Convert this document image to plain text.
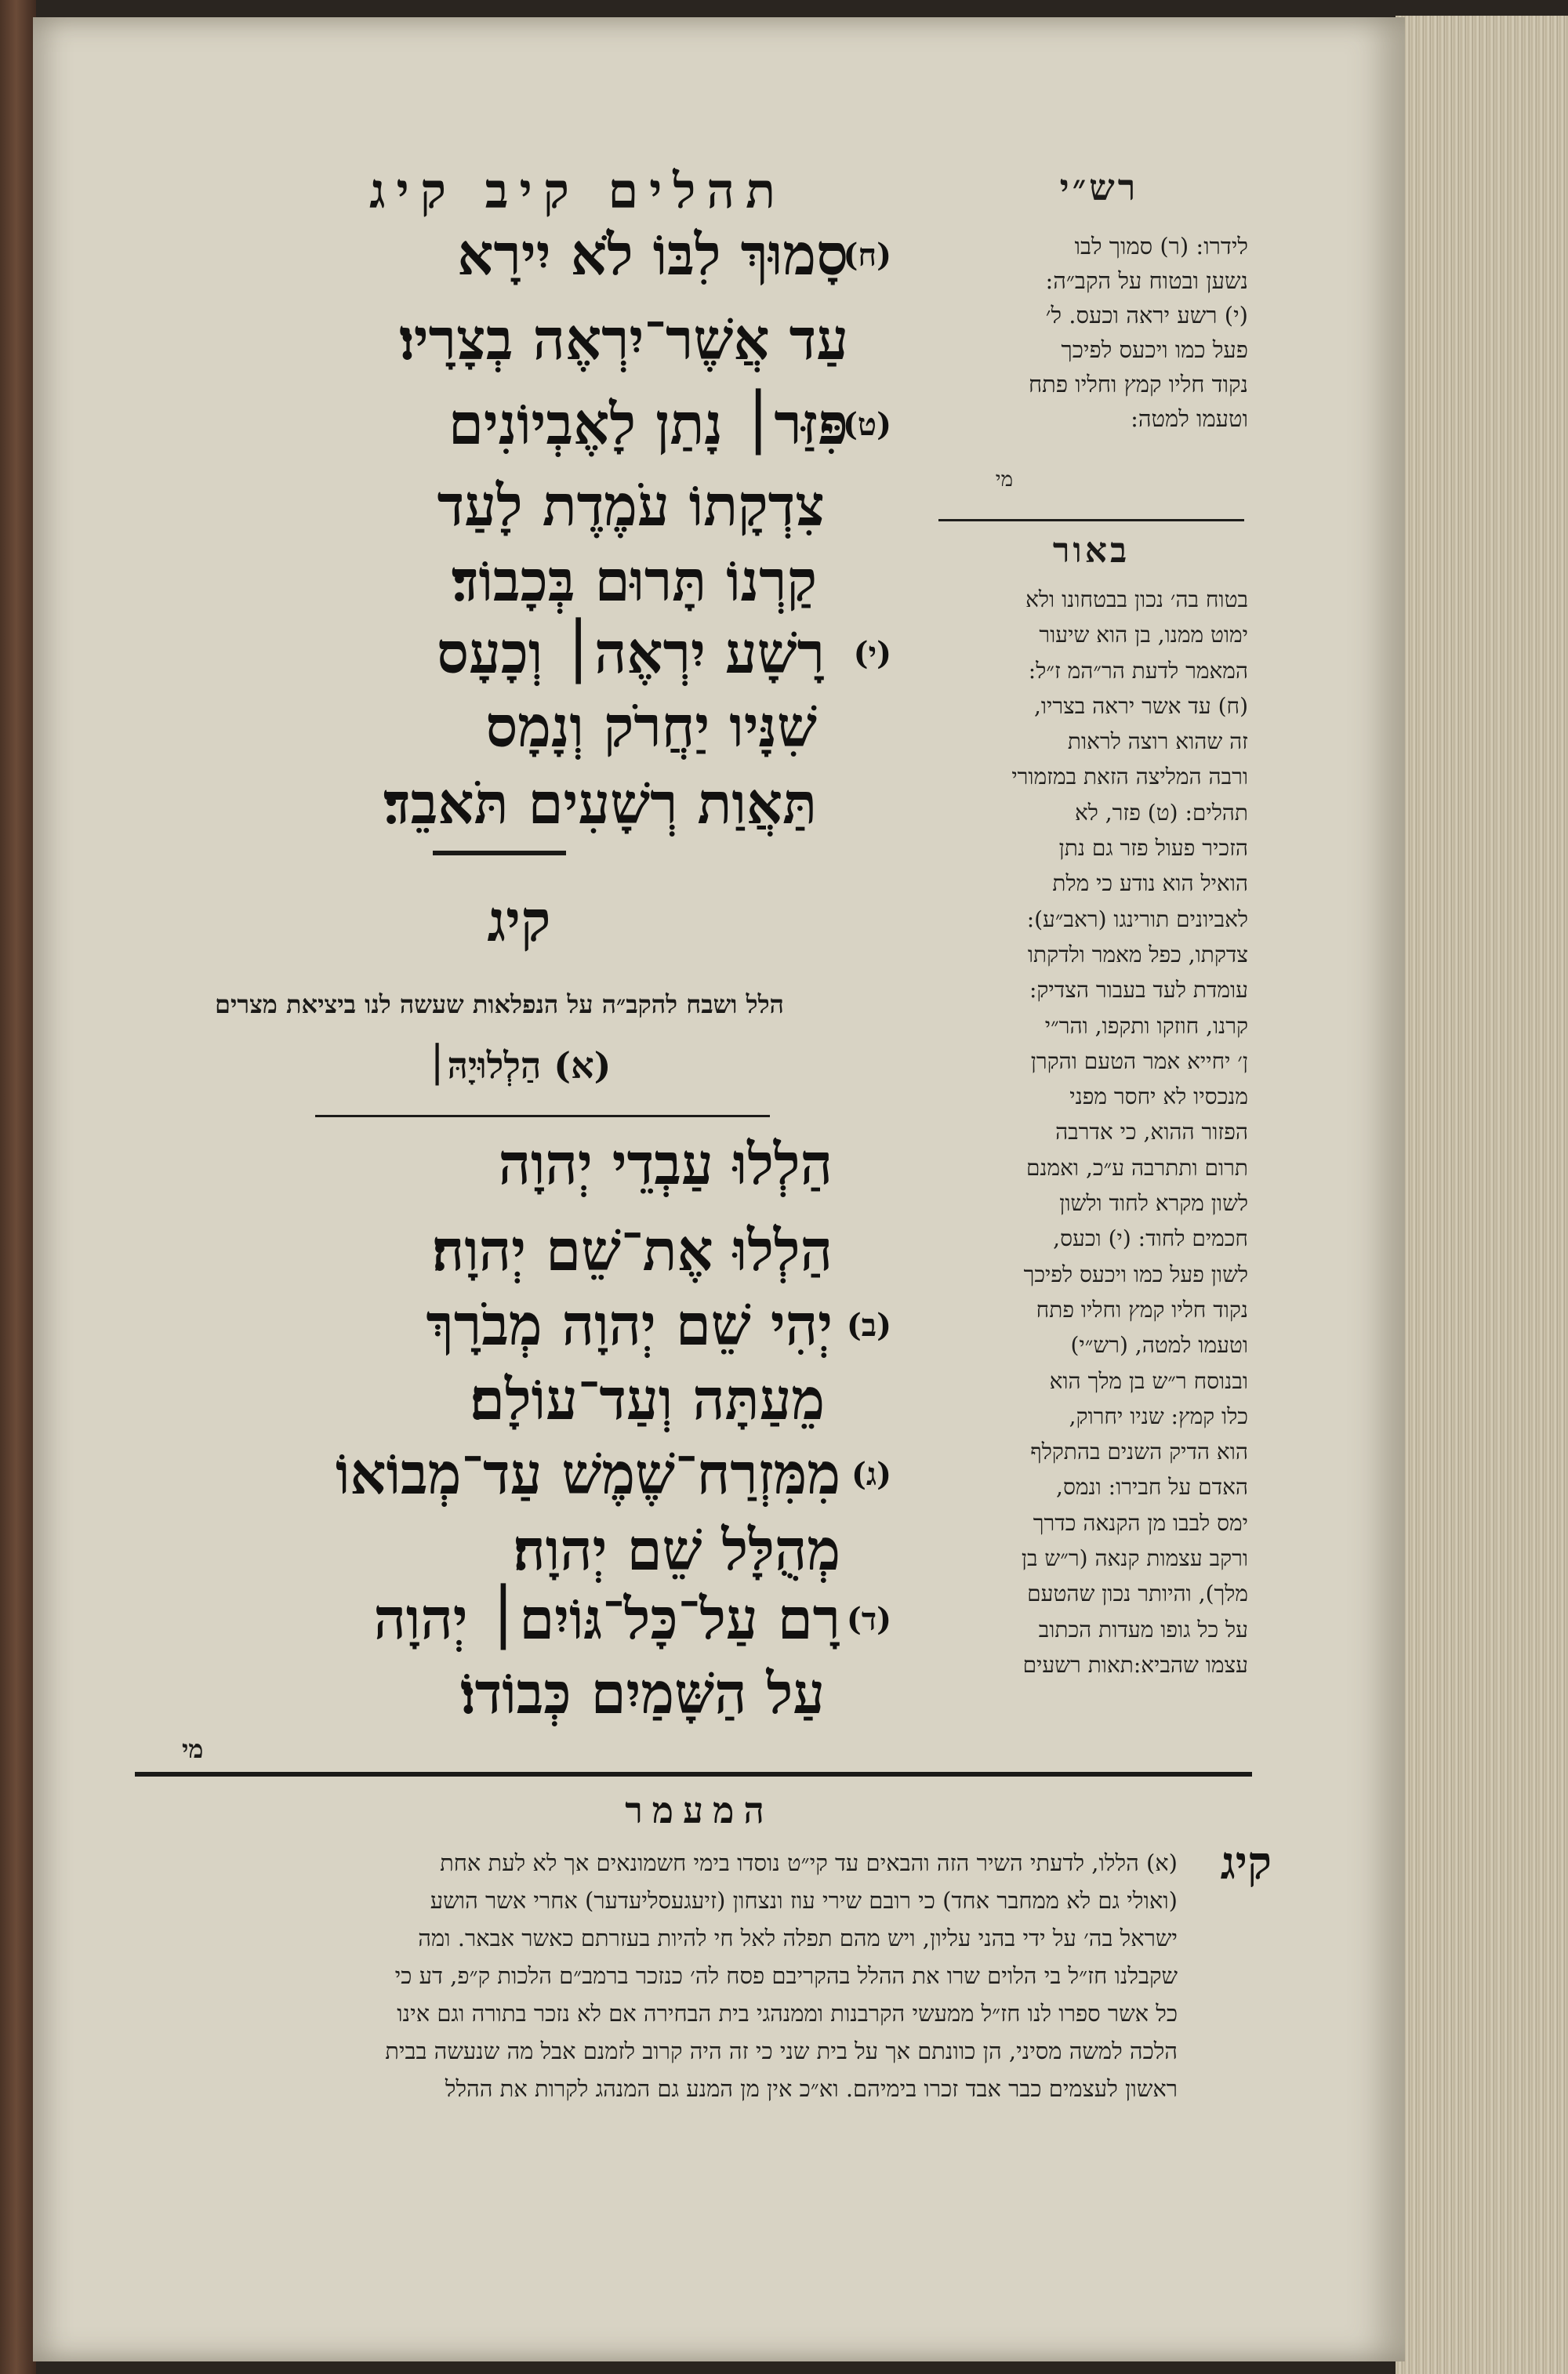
רש״י
לידרו: (ר) סמוך לבו
נשען ובטוח על הקב״ה:
(י) רשע יראה וכעס. ל׳
פעל כמו ויכעס לפיכך
נקוד חליו קמץ וחליו פתח
וטעמו למטה:
מי
באור
בטוח בה׳ נכון בבטחונו ולא
ימוט ממנו, בן הוא שיעור
המאמר לדעת הר״המ ז״ל:
(ח) עד אשר יראה בצריו,
זה שהוא רוצה לראות
ורבה המליצה הזאת במזמורי
תהלים: (ט) פזר, לא
הזכיר פעול פזר גם נתן
הואיל הוא נודע כי מלת
לאביונים תורינגו (ראב״ע):
צדקתו, כפל מאמר ולדקתו
עומדת לעד בעבור הצדיק:
קרנו, חוזקו ותקפו, והר״י
ן׳ יחייא אמר הטעם והקרן
מנכסיו לא יחסר מפני
הפזור ההוא, כי אדרבה
תרום ותתרבה ע״כ, ואמנם
לשון מקרא לחוד ולשון
חכמים לחוד: (י) וכעס,
לשון פעל כמו ויכעס לפיכך
נקוד חליו קמץ וחליו פתח
וטעמו למטה, (רש״י)
ובנוסח ר״ש בן מלך הוא
כלו קמץ: שניו יחרוק,
הוא הדיק השנים בהתקלף
האדם על חבירו: ונמס,
ימס לבבו מן הקנאה כדרך
ורקב עצמות קנאה (ר״ש בן
מלך), והיותר נכון שהטעם
על כל גופו מעדות הכתוב
עצמו שהביא:תאות רשעים
תהלים קיב קיג
סָמוּךְ לִבּוֹ לֹא יִירָא
(ח)
עַד אֲשֶׁר־יִרְאֶה בְצָרָיו׃
פִּזַּר׀ נָתַן לָאֶבְיוֹנִים
(ט)
צִדְקָתוֹ עֹמֶדֶת לָעַד
קַרְנוֹ תָּרוּם בְּכָבוֹד׃
רָשָׁע יִרְאֶה׀ וְכָעָס (י)
שִׁנָּיו יַחֲרֹק וְנָמָס
תַּאֲוַת רְשָׁעִים תֹּאבֵד׃
קיג
הלל ושבח להקב״ה על הנפלאות שעשה לנו ביציאת מצרים
(א) הַלְלוּיָהּ׀
הַלְלוּ עַבְדֵי יְהוָה
הַלְלוּ אֶת־שֵׁם יְהוָה׃
יְהִי שֵׁם יְהוָה מְבֹרָךְ (ב)
מֵעַתָּה וְעַד־עוֹלָם׃
מִמִּזְרַח־שֶׁמֶשׁ עַד־מְבוֹאוֹ (ג)
מְהֻלָּל שֵׁם יְהוָה׃
רָם עַל־כָּל־גּוֹיִם׀ יְהוָה (ד)
עַל הַשָּׁמַיִם כְּבוֹדוֹ׃
מי
המעמר
קיג
(א) הללו, לדעתי השיר הזה והבאים עד קי״ט נוסדו בימי חשמונאים אך לא לעת אחת
(ואולי גם לא ממחבר אחד) כי רובם שירי עוז ונצחון (זיעגעסליעדער) אחרי אשר הושע
ישראל בה׳ על ידי בהני עליון, ויש מהם תפלה לאל חי להיות בעזרתם כאשר אבאר. ומה
שקבלנו חז״ל בי הלוים שרו את ההלל בהקריבם פסח לה׳ כנזכר ברמב״ם הלכות ק״פ, דע כי
כל אשר ספרו לנו חז״ל ממעשי הקרבנות וממנהגי בית הבחירה אם לא נזכר בתורה וגם אינו
הלכה למשה מסיני, הן כוונתם אך על בית שני כי זה היה קרוב לזמנם אבל מה שנעשה בבית
ראשון לעצמים כבר אבד זכרו בימיהם. וא״כ אין מן המנע גם המנהג לקרות את ההלל
